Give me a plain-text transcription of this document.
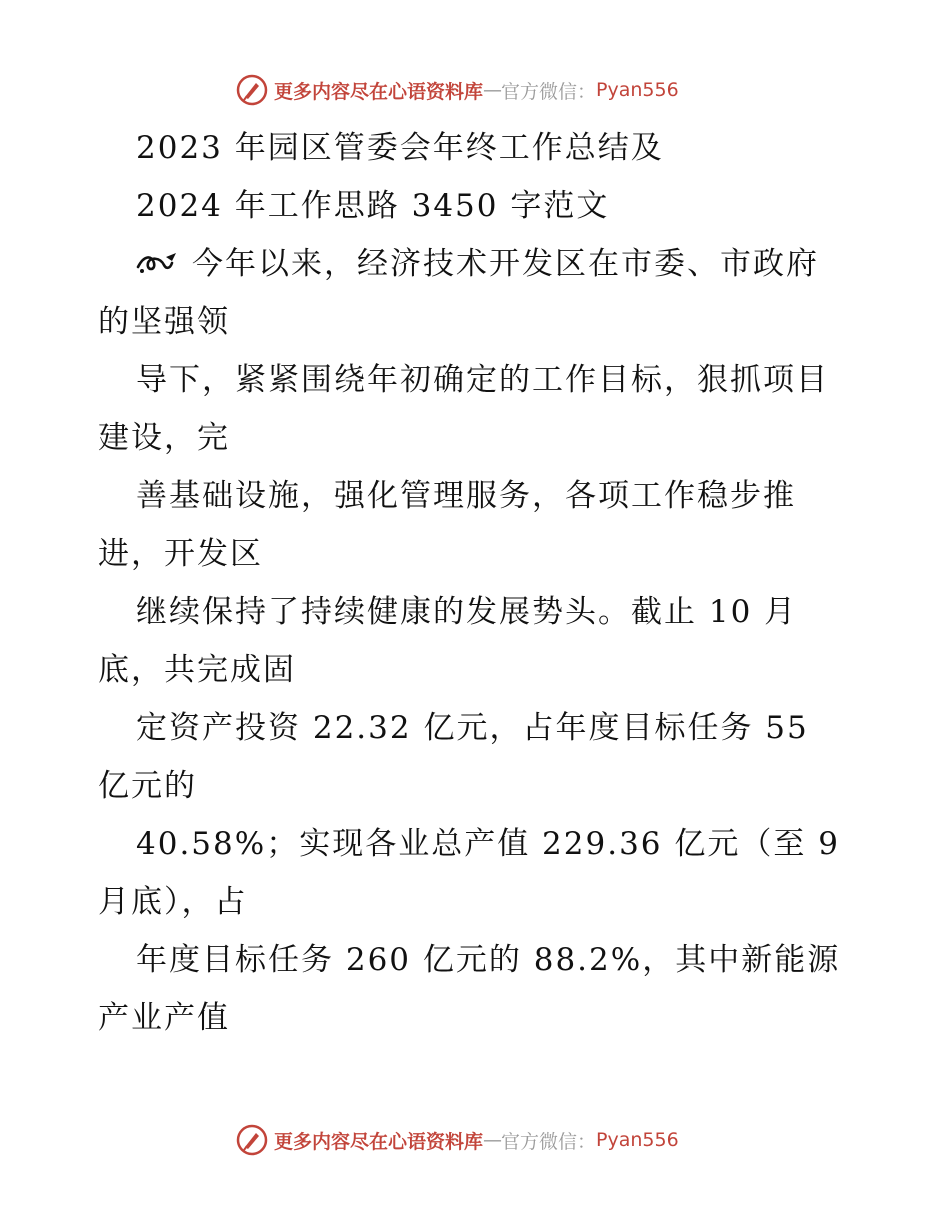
更多内容尽在心语资料库 — 官方微信： Pyan556
2023 年园区管委会年终工作总结及
2024 年工作思路 3450 字范文
今年以来，经济技术开发区在市委、市政府
的坚强领
导下，紧紧围绕年初确定的工作目标，狠抓项目
建设，完
善基础设施，强化管理服务，各项工作稳步推
进，开发区
继续保持了持续健康的发展势头。截止 10 月
底，共完成固
定资产投资 22.32 亿元，占年度目标任务 55
亿元的
40.58%；实现各业总产值 229.36 亿元（至 9
月底），占
年度目标任务 260 亿元的 88.2%，其中新能源
产业产值
更多内容尽在心语资料库 — 官方微信： Pyan556
